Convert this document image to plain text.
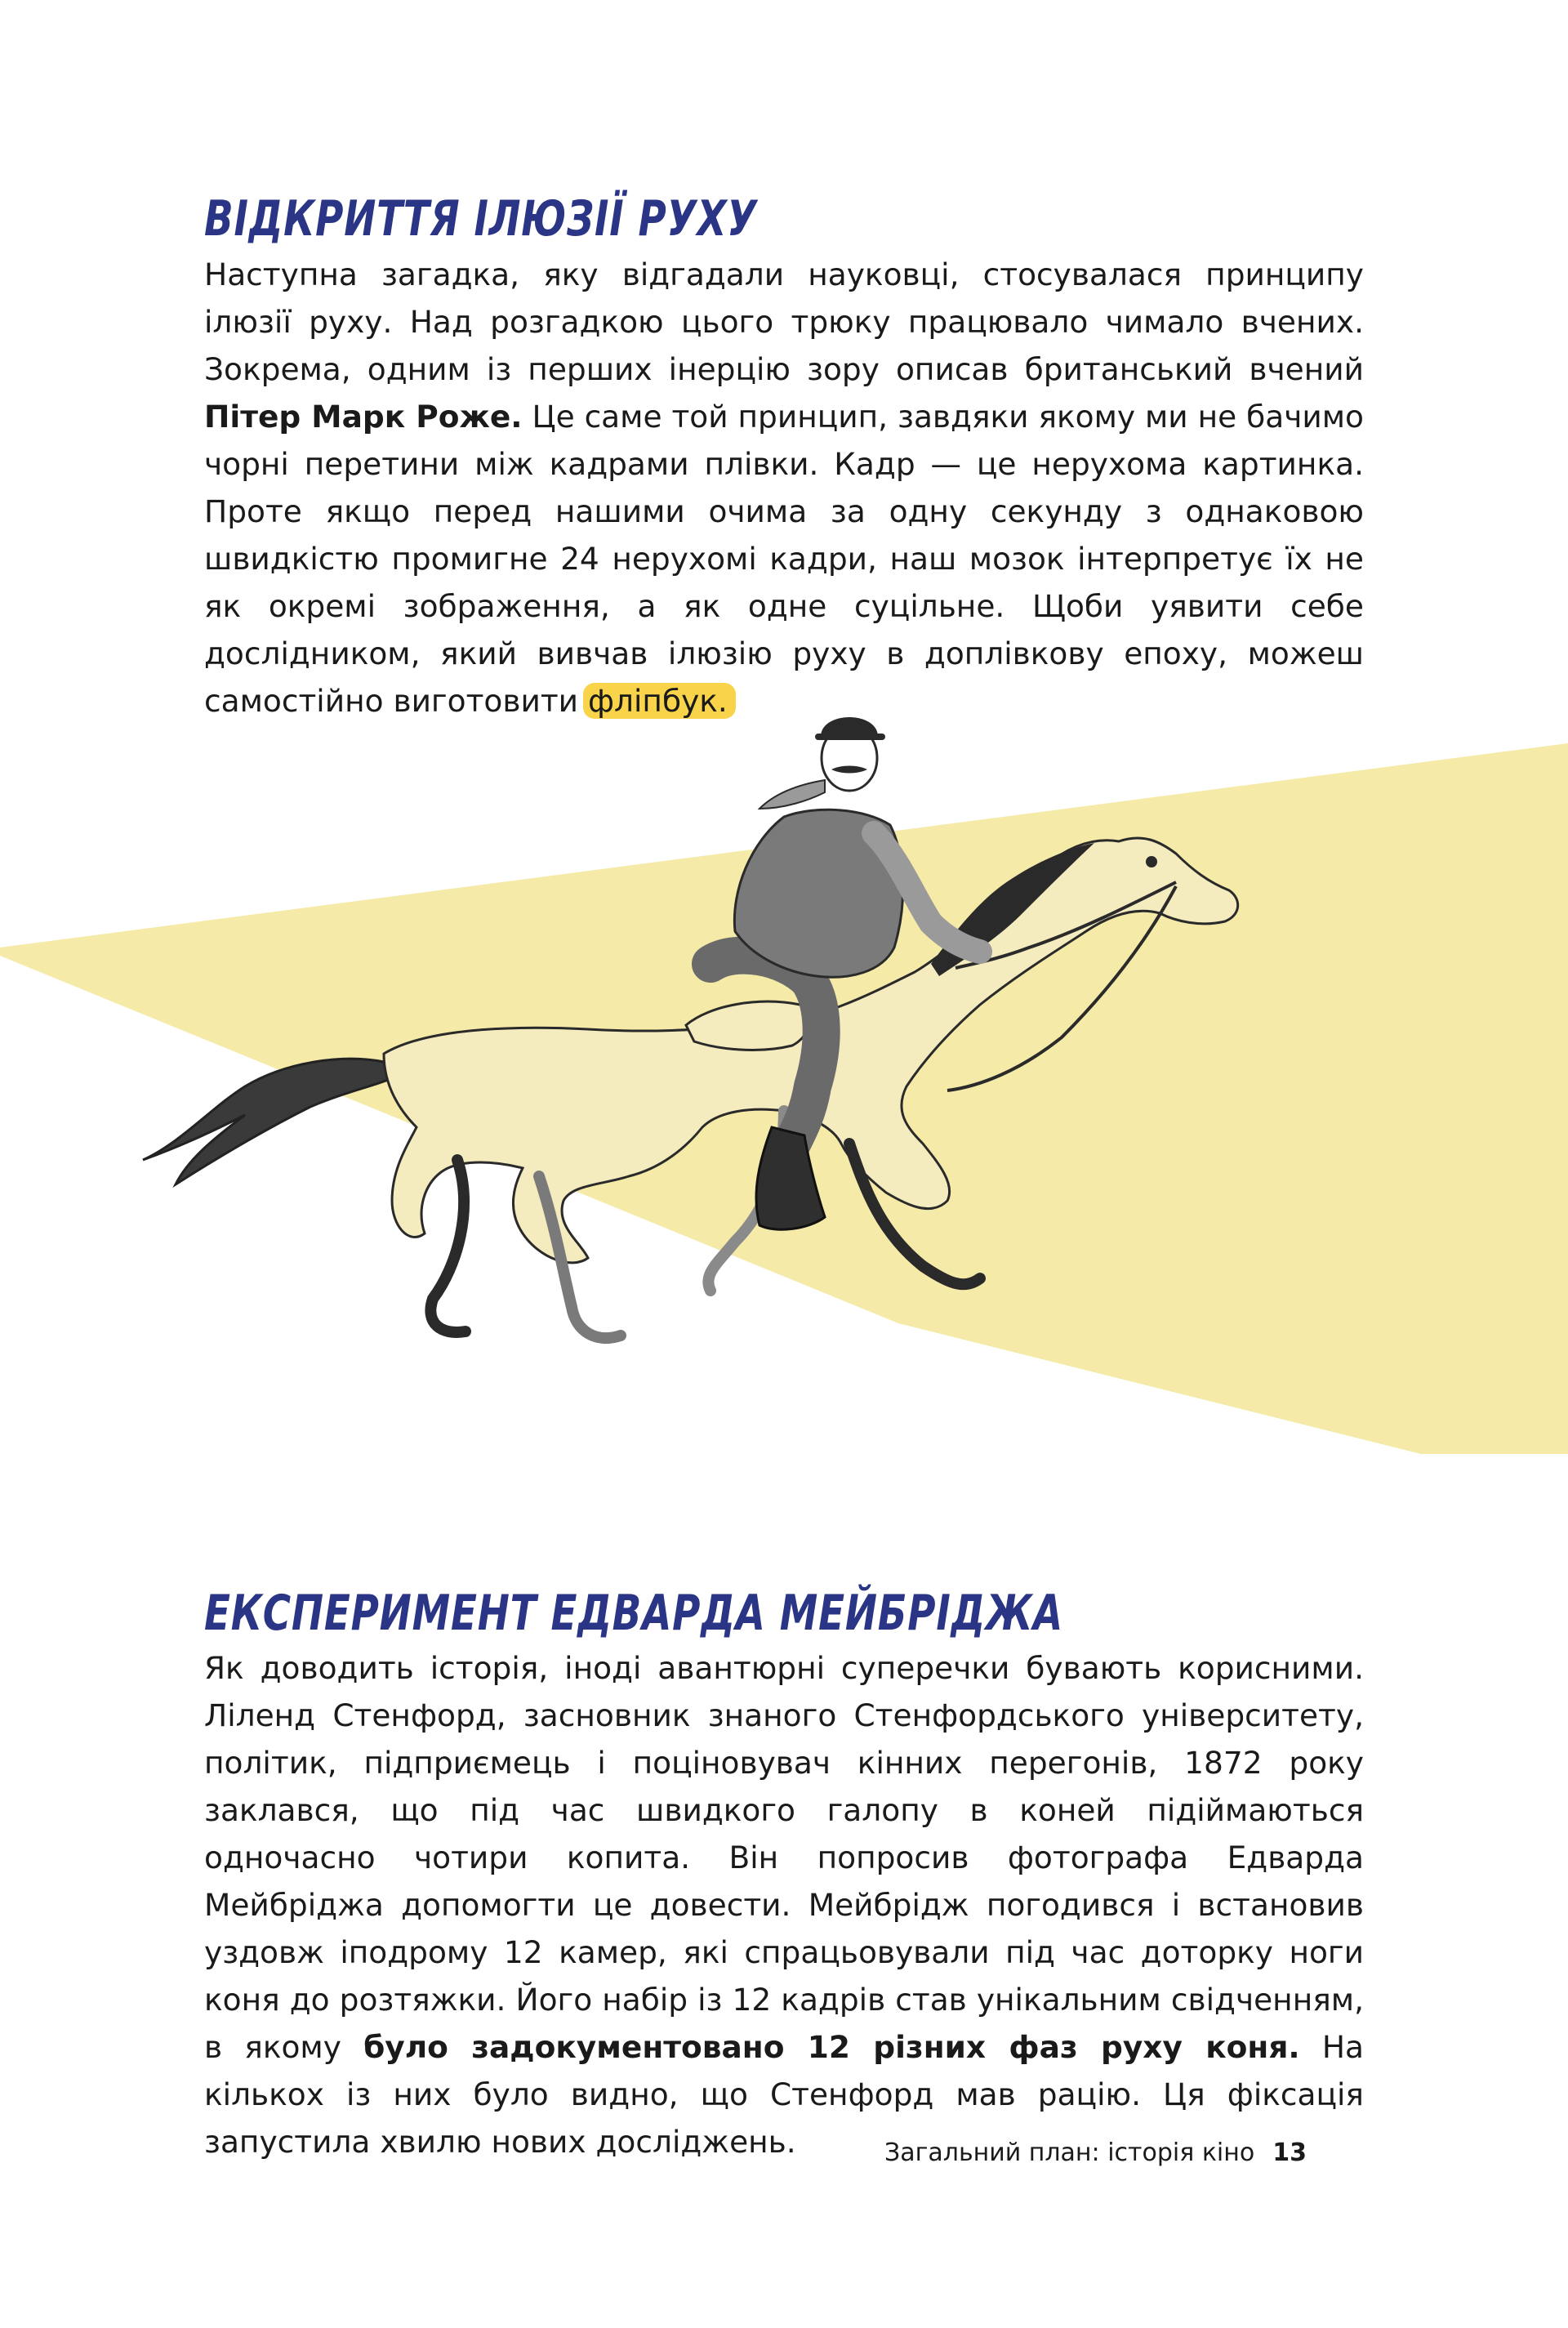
ВІДКРИТТЯ ІЛЮЗІЇ РУХУ

Наступна загадка, яку відгадали науковці, стосувалася принципу ілюзії руху. Над розгадкою цього трюку працювало чимало вчених. Зокрема, одним із перших інерцію зору описав британський вчений Пітер Марк Роже. Це саме той принцип, завдяки якому ми не бачимо чорні перетини між кадрами плівки. Кадр — це нерухома картинка. Проте якщо перед нашими очима за одну секунду з однаковою швидкістю промигне 24 нерухомі кадри, наш мозок інтерпретує їх не як окремі зображення, а як одне суцільне. Щоби уявити себе дослідником, який вивчав ілюзію руху в доплівкову епоху, можеш самостійно виготовити фліпбук.

ЕКСПЕРИМЕНТ ЕДВАРДА МЕЙБРІДЖА

Як доводить історія, іноді авантюрні суперечки бувають корисними. Ліленд Стенфорд, засновник знаного Стенфордського університету, політик, підприємець і поціновувач кінних перегонів, 1872 року заклався, що під час швидкого галопу в коней підіймаються одночасно чотири копита. Він попросив фотографа Едварда Мейбріджа допомогти це довести. Мейбрідж погодився і встановив уздовж іподрому 12 камер, які спрацьовували під час доторку ноги коня до розтяжки. Його набір із 12 кадрів став унікальним свідченням, в якому було задокументовано 12 різних фаз руху коня. На кількох із них було видно, що Стенфорд мав рацію. Ця фіксація запустила хвилю нових досліджень.	Загальний план: історія кіно 13
